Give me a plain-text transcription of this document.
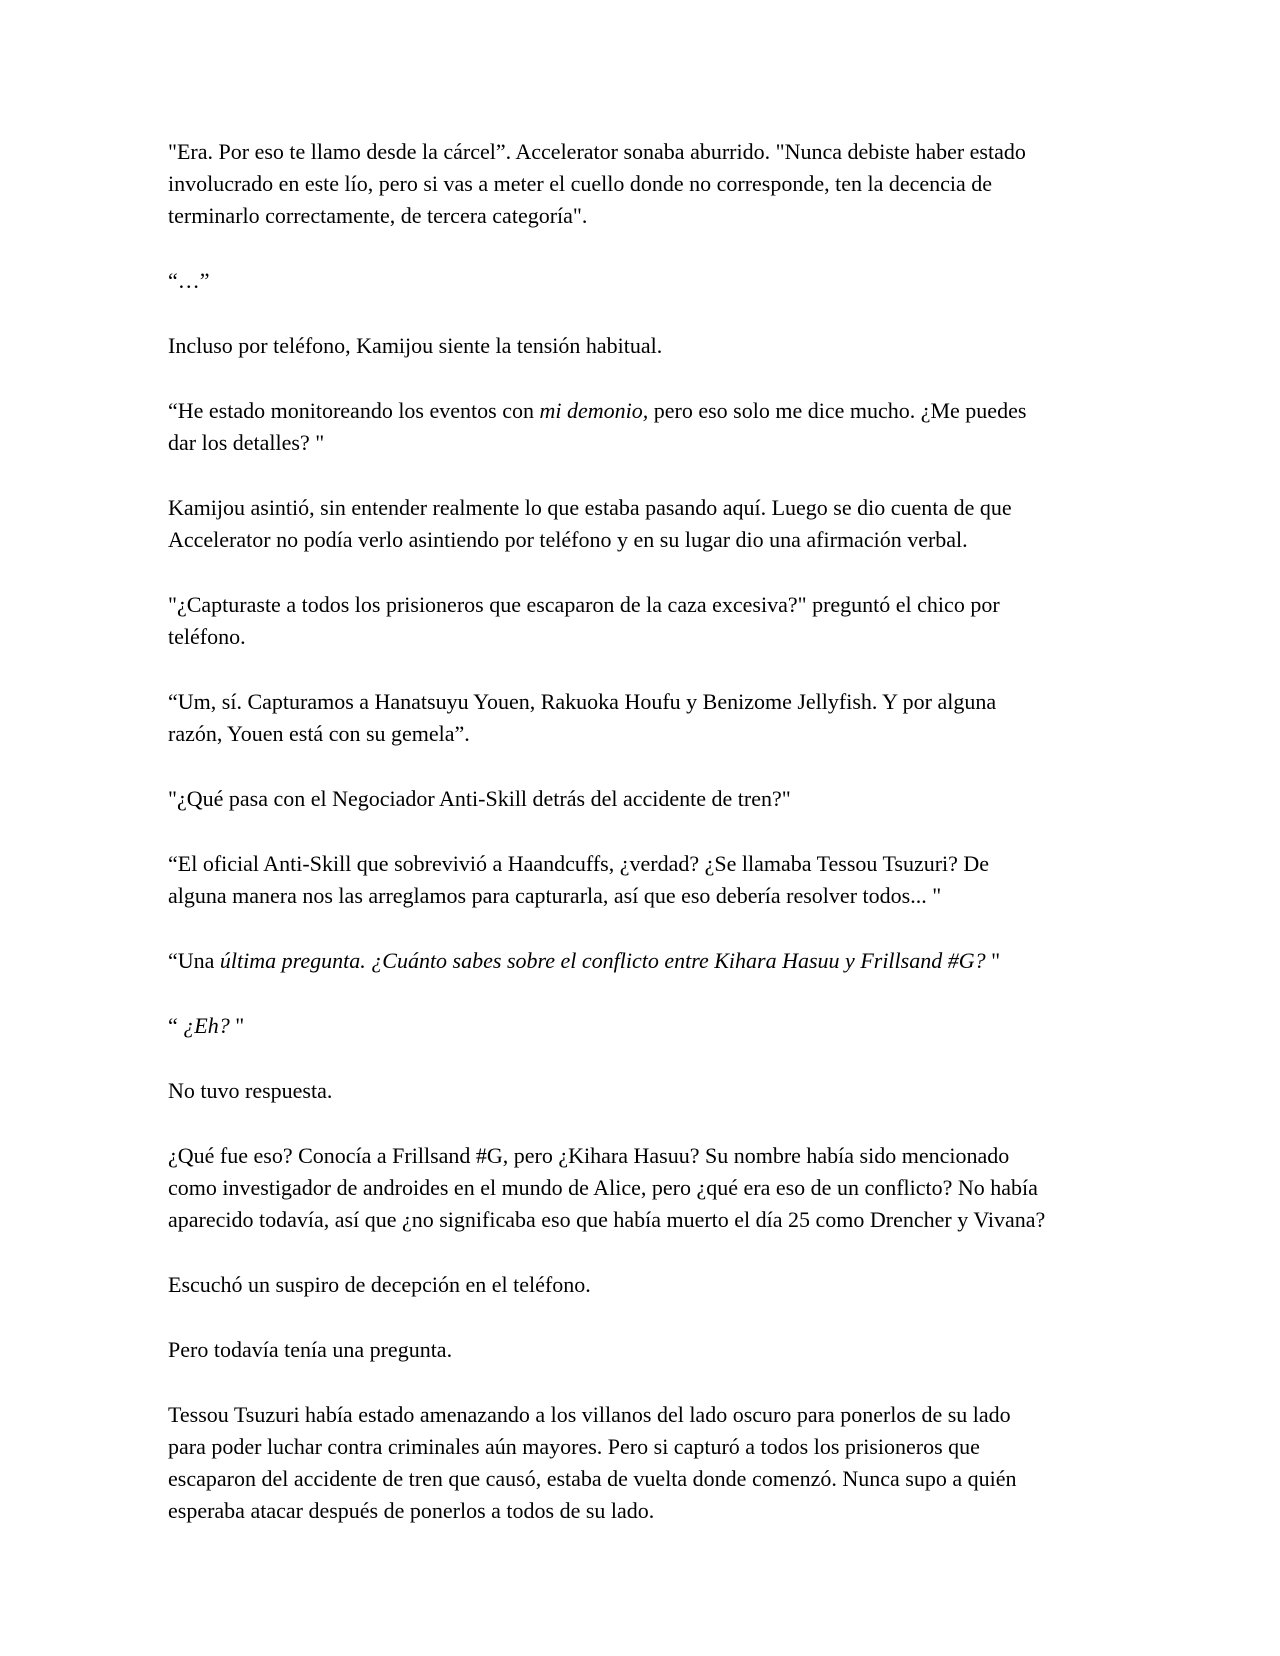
"Era. Por eso te llamo desde la cárcel”. Accelerator sonaba aburrido. "Nunca debiste haber estado involucrado en este lío, pero si vas a meter el cuello donde no corresponde, ten la decencia de terminarlo correctamente, de tercera categoría".

“…”

Incluso por teléfono, Kamijou siente la tensión habitual.

“He estado monitoreando los eventos con mi demonio, pero eso solo me dice mucho. ¿Me puedes dar los detalles? "

Kamijou asintió, sin entender realmente lo que estaba pasando aquí. Luego se dio cuenta de que Accelerator no podía verlo asintiendo por teléfono y en su lugar dio una afirmación verbal.

"¿Capturaste a todos los prisioneros que escaparon de la caza excesiva?" preguntó el chico por teléfono.

“Um, sí. Capturamos a Hanatsuyu Youen, Rakuoka Houfu y Benizome Jellyfish. Y por alguna razón, Youen está con su gemela”.

"¿Qué pasa con el Negociador Anti-Skill detrás del accidente de tren?"

“El oficial Anti-Skill que sobrevivió a Haandcuffs, ¿verdad? ¿Se llamaba Tessou Tsuzuri? De alguna manera nos las arreglamos para capturarla, así que eso debería resolver todos... "

“Una última pregunta. ¿Cuánto sabes sobre el conflicto entre Kihara Hasuu y Frillsand #G? "

“ ¿Eh? "

No tuvo respuesta.

¿Qué fue eso? Conocía a Frillsand #G, pero ¿Kihara Hasuu? Su nombre había sido mencionado como investigador de androides en el mundo de Alice, pero ¿qué era eso de un conflicto? No había aparecido todavía, así que ¿no significaba eso que había muerto el día 25 como Drencher y Vivana?

Escuchó un suspiro de decepción en el teléfono.

Pero todavía tenía una pregunta.

Tessou Tsuzuri había estado amenazando a los villanos del lado oscuro para ponerlos de su lado para poder luchar contra criminales aún mayores. Pero si capturó a todos los prisioneros que escaparon del accidente de tren que causó, estaba de vuelta donde comenzó. Nunca supo a quién esperaba atacar después de ponerlos a todos de su lado.
